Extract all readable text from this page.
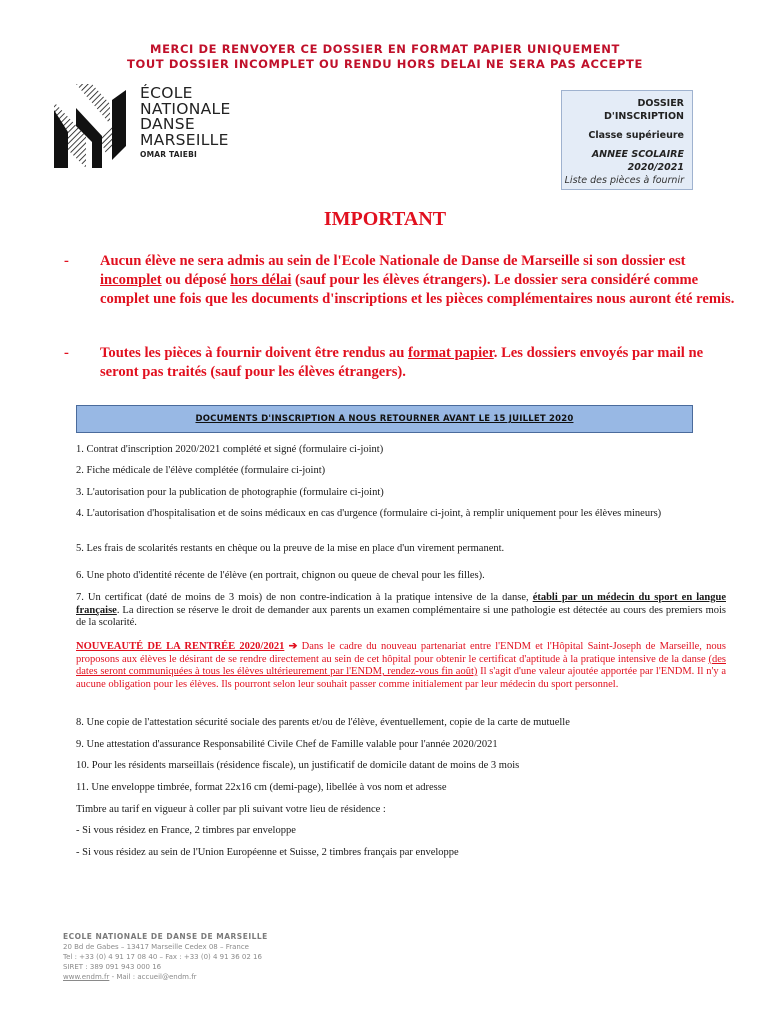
MERCI DE RENVOYER CE DOSSIER EN FORMAT PAPIER UNIQUEMENT
TOUT DOSSIER INCOMPLET OU RENDU HORS DELAI NE SERA PAS ACCEPTE
ÉCOLE
NATIONALE
DANSE
MARSEILLE
OMAR TAIEBI
DOSSIER
D'INSCRIPTION
Classe supérieure
ANNEE SCOLAIRE
2020/2021
Liste des pièces à fournir
IMPORTANT
- Aucun élève ne sera admis au sein de l'Ecole Nationale de Danse de Marseille si son dossier est incomplet ou déposé hors délai (sauf pour les élèves étrangers). Le dossier sera considéré comme complet une fois que les documents d'inscriptions et les pièces complémentaires nous auront été remis.
- Toutes les pièces à fournir doivent être rendus au format papier. Les dossiers envoyés par mail ne seront pas traités (sauf pour les élèves étrangers).
DOCUMENTS D'INSCRIPTION A NOUS RETOURNER AVANT LE 15 JUILLET 2020
1. Contrat d'inscription 2020/2021 complété et signé (formulaire ci-joint)
2. Fiche médicale de l'élève complétée (formulaire ci-joint)
3. L'autorisation pour la publication de photographie (formulaire ci-joint)
4. L'autorisation d'hospitalisation et de soins médicaux en cas d'urgence (formulaire ci-joint, à remplir uniquement pour les élèves mineurs)
5. Les frais de scolarités restants en chèque ou la preuve de la mise en place d'un virement permanent.
6. Une photo d'identité récente de l'élève (en portrait, chignon ou queue de cheval pour les filles).
7. Un certificat (daté de moins de 3 mois) de non contre-indication à la pratique intensive de la danse, établi par un médecin du sport en langue française. La direction se réserve le droit de demander aux parents un examen complémentaire si une pathologie est détectée au cours des premiers mois de la scolarité.
NOUVEAUTÉ DE LA RENTRÉE 2020/2021 ➔ Dans le cadre du nouveau partenariat entre l'ENDM et l'Hôpital Saint-Joseph de Marseille, nous proposons aux élèves le désirant de se rendre directement au sein de cet hôpital pour obtenir le certificat d'aptitude à la pratique intensive de la danse (des dates seront communiquées à tous les élèves ultérieurement par l'ENDM, rendez-vous fin août) Il s'agit d'une valeur ajoutée apportée par l'ENDM. Il n'y a aucune obligation pour les élèves. Ils pourront selon leur souhait passer comme initialement par leur médecin du sport personnel.
8. Une copie de l'attestation sécurité sociale des parents et/ou de l'élève, éventuellement, copie de la carte de mutuelle
9. Une attestation d'assurance Responsabilité Civile Chef de Famille valable pour l'année 2020/2021
10. Pour les résidents marseillais (résidence fiscale), un justificatif de domicile datant de moins de 3 mois
11. Une enveloppe timbrée, format 22x16 cm (demi-page), libellée à vos nom et adresse
Timbre au tarif en vigueur à coller par pli suivant votre lieu de résidence :
- Si vous résidez en France, 2 timbres par enveloppe
- Si vous résidez au sein de l'Union Européenne et Suisse, 2 timbres français par enveloppe
ECOLE NATIONALE DE DANSE DE MARSEILLE
20 Bd de Gabes – 13417 Marseille Cedex 08 – France
Tel : +33 (0) 4 91 17 08 40 – Fax : +33 (0) 4 91 36 02 16
SIRET : 389 091 943 000 16
www.endm.fr - Mail : accueil@endm.fr
